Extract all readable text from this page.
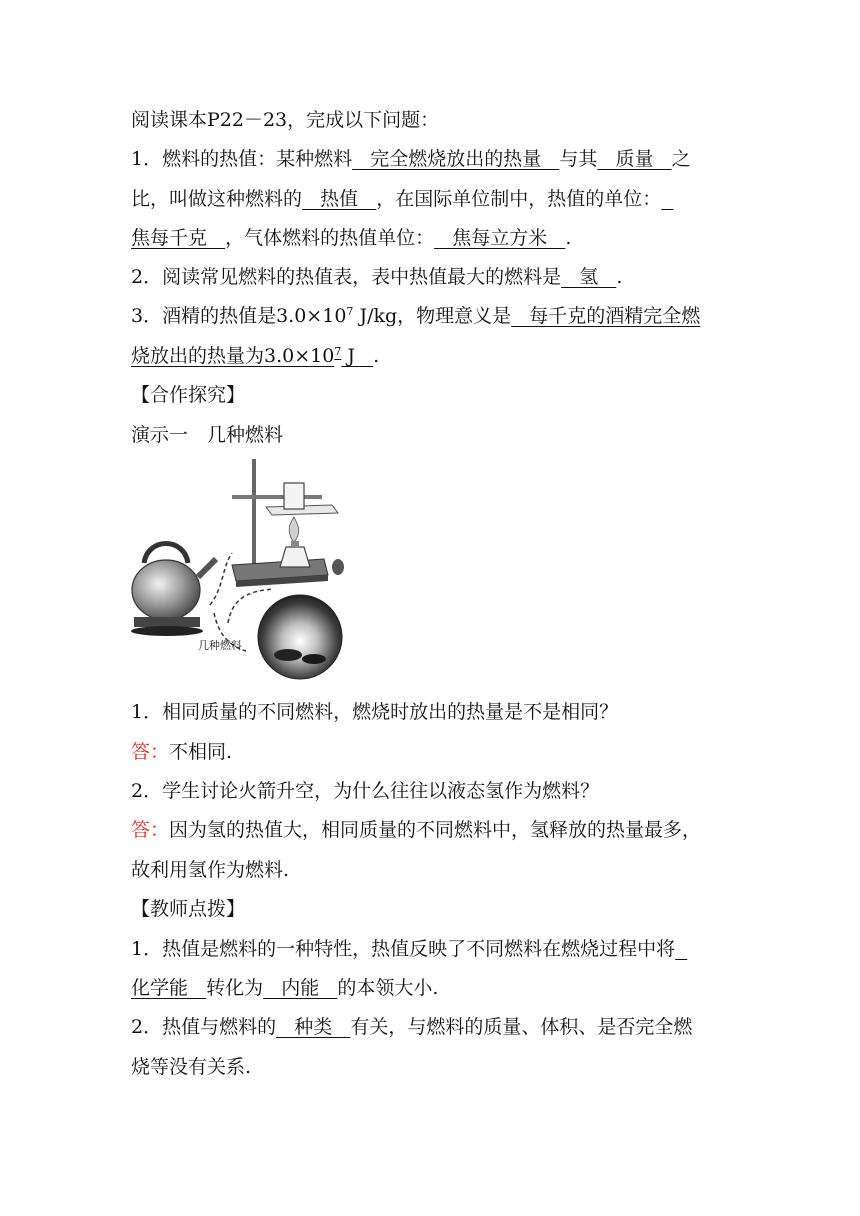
阅读课本P22－23，完成以下问题：
1．燃料的热值：某种燃料   完全燃烧放出的热量   与其   质量   之
比，叫做这种燃料的   热值   ，在国际单位制中，热值的单位：
焦每千克   ，气体燃料的热值单位：   焦每立方米   .
2．阅读常见燃料的热值表，表中热值最大的燃料是   氢   .
3．酒精的热值是$3.0\times 10^7$ J/kg，物理意义是   每千克的酒精完全燃
烧放出的热量为$3.0\times 10^7$ J   .
【合作探究】
演示一　几种燃料
几种燃料
1．相同质量的不同燃料，燃烧时放出的热量是不是相同？
答：不相同.
2．学生讨论火箭升空，为什么往往以液态氢作为燃料？
答：因为氢的热值大，相同质量的不同燃料中，氢释放的热量最多，
故利用氢作为燃料.
【教师点拨】
1．热值是燃料的一种特性，热值反映了不同燃料在燃烧过程中将
化学能   转化为   内能   的本领大小.
2．热值与燃料的   种类   有关，与燃料的质量、体积、是否完全燃
烧等没有关系.
